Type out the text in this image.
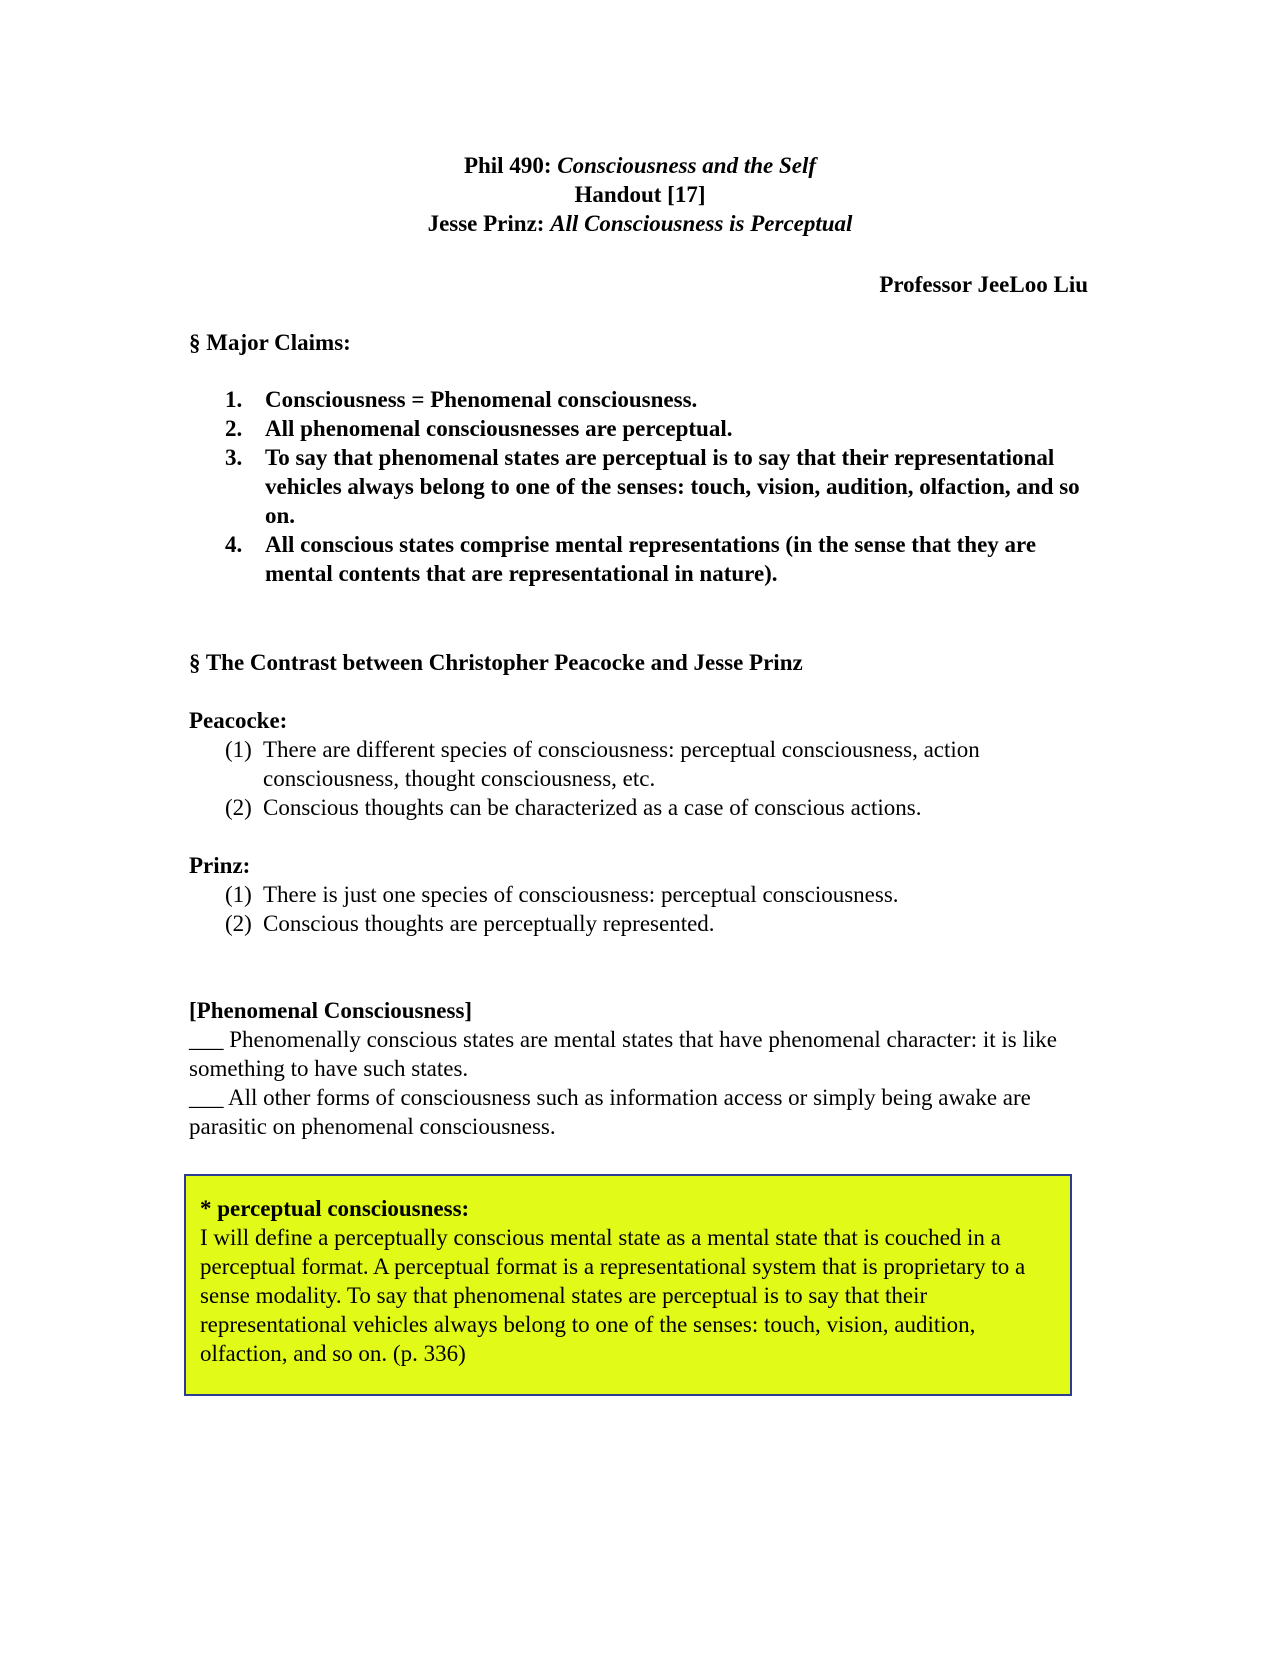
Phil 490: Consciousness and the Self
Handout [17]
Jesse Prinz: All Consciousness is Perceptual
Professor JeeLoo Liu
§ Major Claims:
1. Consciousness = Phenomenal consciousness.
2. All phenomenal consciousnesses are perceptual.
3. To say that phenomenal states are perceptual is to say that their representational vehicles always belong to one of the senses: touch, vision, audition, olfaction, and so on.
4. All conscious states comprise mental representations (in the sense that they are mental contents that are representational in nature).
§ The Contrast between Christopher Peacocke and Jesse Prinz
Peacocke:
(1) There are different species of consciousness: perceptual consciousness, action consciousness, thought consciousness, etc.
(2) Conscious thoughts can be characterized as a case of conscious actions.
Prinz:
(1) There is just one species of consciousness: perceptual consciousness.
(2) Conscious thoughts are perceptually represented.
[Phenomenal Consciousness]
___ Phenomenally conscious states are mental states that have phenomenal character: it is like something to have such states.
___ All other forms of consciousness such as information access or simply being awake are parasitic on phenomenal consciousness.
* perceptual consciousness:
I will define a perceptually conscious mental state as a mental state that is couched in a perceptual format. A perceptual format is a representational system that is proprietary to a sense modality. To say that phenomenal states are perceptual is to say that their representational vehicles always belong to one of the senses: touch, vision, audition, olfaction, and so on. (p. 336)
